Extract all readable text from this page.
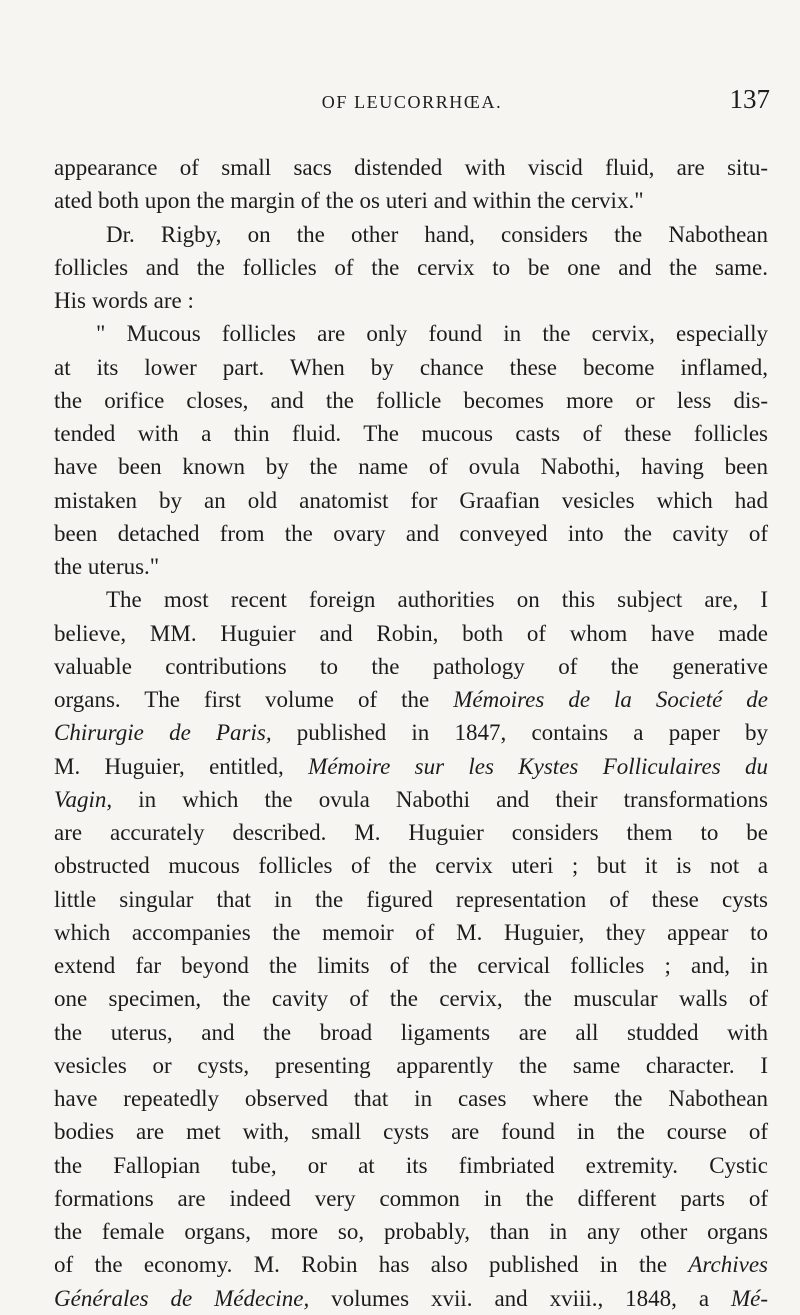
OF LEUCORRHŒA.	137
appearance of small sacs distended with viscid fluid, are situ-
ated both upon the margin of the os uteri and within the cervix."
Dr. Rigby, on the other hand, considers the Nabothean
follicles and the follicles of the cervix to be one and the same.
His words are :
" Mucous follicles are only found in the cervix, especially
at its lower part. When by chance these become inflamed,
the orifice closes, and the follicle becomes more or less dis-
tended with a thin fluid. The mucous casts of these follicles
have been known by the name of ovula Nabothi, having been
mistaken by an old anatomist for Graafian vesicles which had
been detached from the ovary and conveyed into the cavity of
the uterus."
The most recent foreign authorities on this subject are, I
believe, MM. Huguier and Robin, both of whom have made
valuable contributions to the pathology of the generative
organs. The first volume of the Mémoires de la Societé de
Chirurgie de Paris, published in 1847, contains a paper by
M. Huguier, entitled, Mémoire sur les Kystes Folliculaires du
Vagin, in which the ovula Nabothi and their transformations
are accurately described. M. Huguier considers them to be
obstructed mucous follicles of the cervix uteri ; but it is not a
little singular that in the figured representation of these cysts
which accompanies the memoir of M. Huguier, they appear to
extend far beyond the limits of the cervical follicles ; and, in
one specimen, the cavity of the cervix, the muscular walls of
the uterus, and the broad ligaments are all studded with
vesicles or cysts, presenting apparently the same character. I
have repeatedly observed that in cases where the Nabothean
bodies are met with, small cysts are found in the course of
the Fallopian tube, or at its fimbriated extremity. Cystic
formations are indeed very common in the different parts of
the female organs, more so, probably, than in any other organs
of the economy. M. Robin has also published in the Archives
Générales de Médecine, volumes xvii. and xviii., 1848, a Mé-
